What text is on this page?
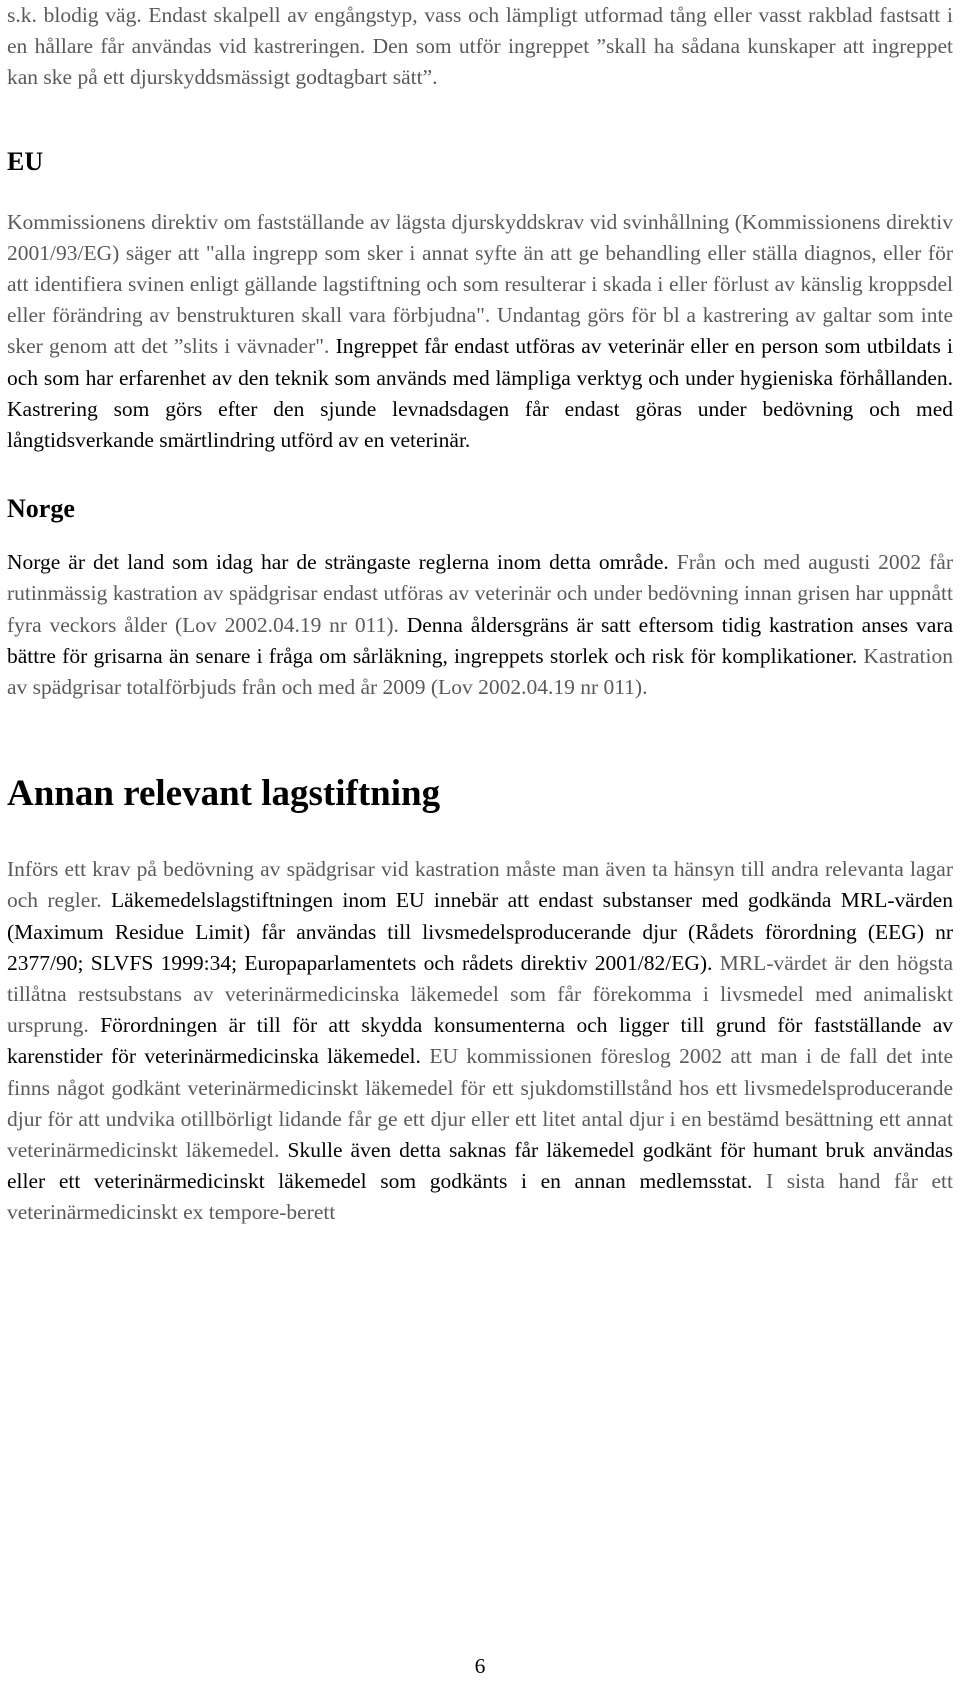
s.k. blodig väg. Endast skalpell av engångstyp, vass och lämpligt utformad tång eller vasst rakblad fastsatt i en hållare får användas vid kastreringen. Den som utför ingreppet ”skall ha sådana kunskaper att ingreppet kan ske på ett djurskyddsmässigt godtagbart sätt”.

EU

Kommissionens direktiv om fastställande av lägsta djurskyddskrav vid svinhållning (Kommissionens direktiv 2001/93/EG) säger att "alla ingrepp som sker i annat syfte än att ge behandling eller ställa diagnos, eller för att identifiera svinen enligt gällande lagstiftning och som resulterar i skada i eller förlust av känslig kroppsdel eller förändring av benstrukturen skall vara förbjudna". Undantag görs för bl a kastrering av galtar som inte sker genom att det ”slits i vävnader". Ingreppet får endast utföras av veterinär eller en person som utbildats i och som har erfarenhet av den teknik som används med lämpliga verktyg och under hygieniska förhållanden. Kastrering som görs efter den sjunde levnadsdagen får endast göras under bedövning och med långtidsverkande smärtlindring utförd av en veterinär.

Norge

Norge är det land som idag har de strängaste reglerna inom detta område. Från och med augusti 2002 får rutinmässig kastration av spädgrisar endast utföras av veterinär och under bedövning innan grisen har uppnått fyra veckors ålder (Lov 2002.04.19 nr 011). Denna åldersgräns är satt eftersom tidig kastration anses vara bättre för grisarna än senare i fråga om sårläkning, ingreppets storlek och risk för komplikationer. Kastration av spädgrisar totalförbjuds från och med år 2009 (Lov 2002.04.19 nr 011).

Annan relevant lagstiftning

Införs ett krav på bedövning av spädgrisar vid kastration måste man även ta hänsyn till andra relevanta lagar och regler. Läkemedelslagstiftningen inom EU innebär att endast substanser med godkända MRL-värden (Maximum Residue Limit) får användas till livsmedelsproducerande djur (Rådets förordning (EEG) nr 2377/90; SLVFS 1999:34; Europaparlamentets och rådets direktiv 2001/82/EG). MRL-värdet är den högsta tillåtna restsubstans av veterinärmedicinska läkemedel som får förekomma i livsmedel med animaliskt ursprung. Förordningen är till för att skydda konsumenterna och ligger till grund för fastställande av karenstider för veterinärmedicinska läkemedel. EU kommissionen föreslog 2002 att man i de fall det inte finns något godkänt veterinärmedicinskt läkemedel för ett sjukdomstillstånd hos ett livsmedelsproducerande djur för att undvika otillbörligt lidande får ge ett djur eller ett litet antal djur i en bestämd besättning ett annat veterinärmedicinskt läkemedel. Skulle även detta saknas får läkemedel godkänt för humant bruk användas eller ett veterinärmedicinskt läkemedel som godkänts i en annan medlemsstat. I sista hand får ett veterinärmedicinskt ex tempore-berett

6
